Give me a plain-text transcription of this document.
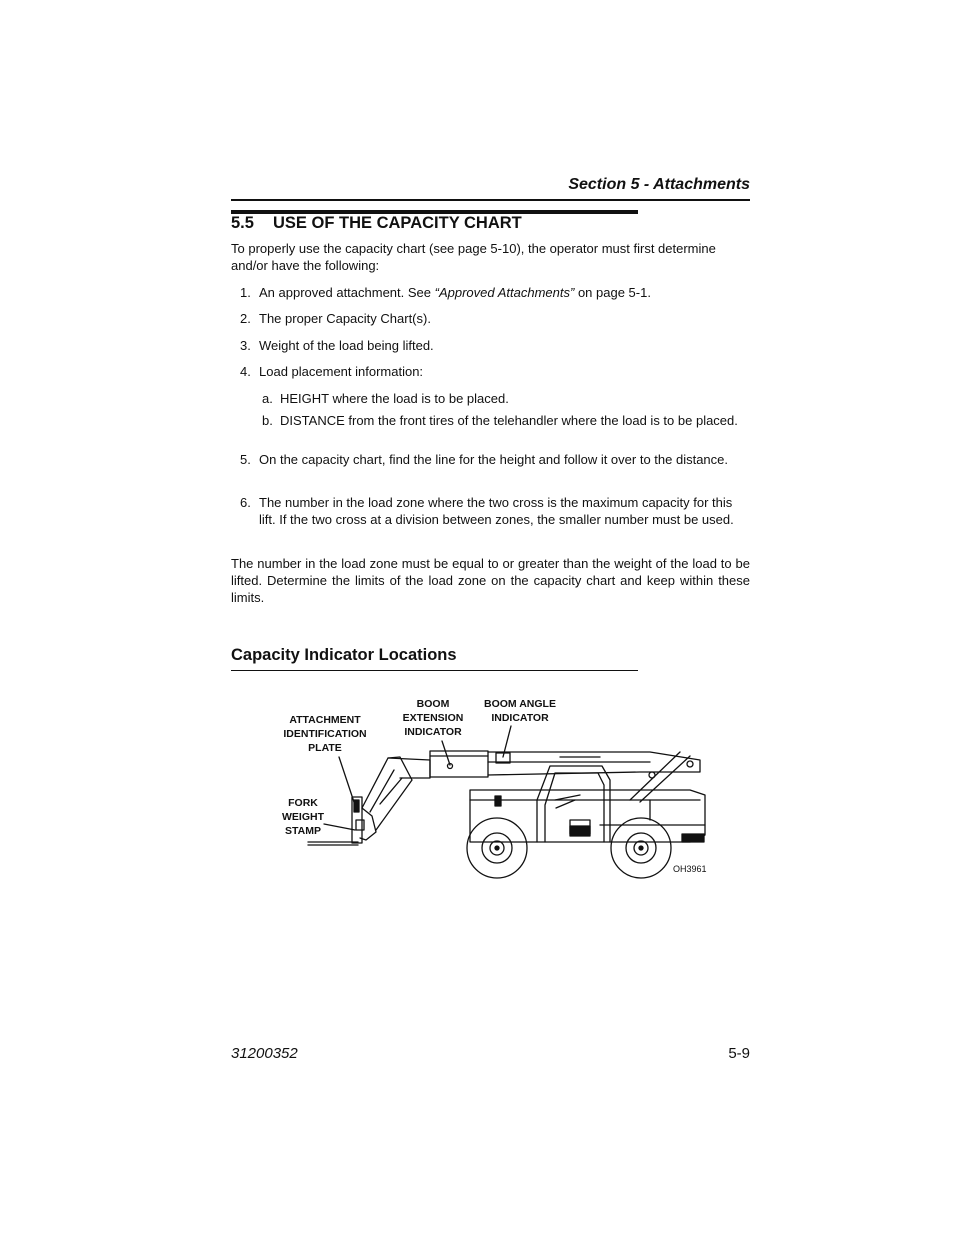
Section 5 - Attachments
5.5 USE OF THE CAPACITY CHART
To properly use the capacity chart (see page 5-10), the operator must first determine and/or have the following:
1. An approved attachment. See “Approved Attachments” on page 5-1.
2. The proper Capacity Chart(s).
3. Weight of the load being lifted.
4. Load placement information:
a. HEIGHT where the load is to be placed.
b. DISTANCE from the front tires of the telehandler where the load is to be placed.
5. On the capacity chart, find the line for the height and follow it over to the distance.
6. The number in the load zone where the two cross is the maximum capacity for this lift. If the two cross at a division between zones, the smaller number must be used.
The number in the load zone must be equal to or greater than the weight of the load to be lifted. Determine the limits of the load zone on the capacity chart and keep within these limits.
Capacity Indicator Locations
ATTACHMENT
IDENTIFICATION
PLATE
BOOM
EXTENSION
INDICATOR
BOOM ANGLE
INDICATOR
FORK
WEIGHT
STAMP
OH3961
31200352	5-9
